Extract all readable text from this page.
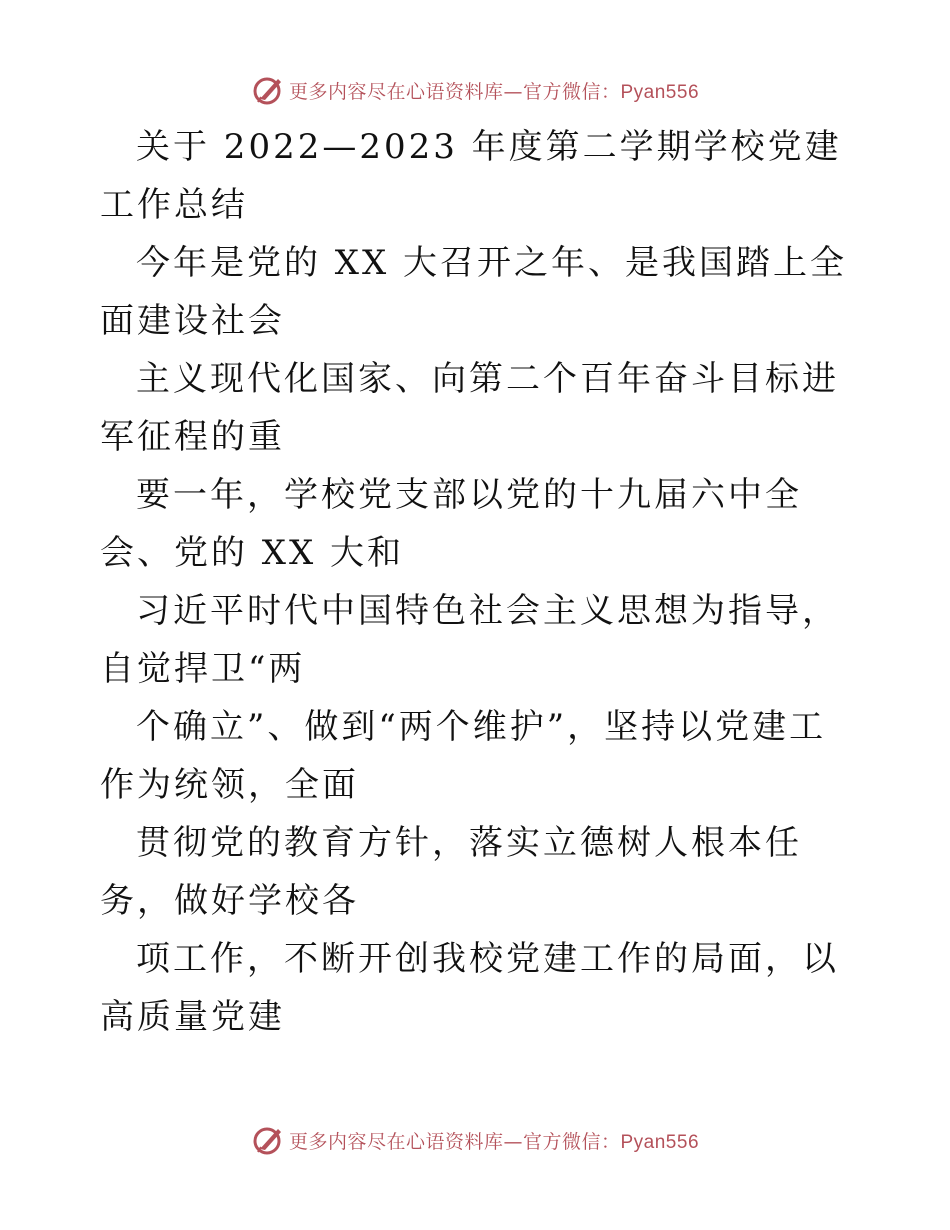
更多内容尽在心语资料库—官方微信：Pyan556

关于 2022—2023 年度第二学期学校党建工作总结

今年是党的 XX 大召开之年、是我国踏上全面建设社会

主义现代化国家、向第二个百年奋斗目标进军征程的重

要一年，学校党支部以党的十九届六中全会、党的 XX 大和

习近平时代中国特色社会主义思想为指导，自觉捍卫“两

个确立”、做到“两个维护”，坚持以党建工作为统领，全面

贯彻党的教育方针，落实立德树人根本任务，做好学校各

项工作，不断开创我校党建工作的局面，以高质量党建

更多内容尽在心语资料库—官方微信：Pyan556
